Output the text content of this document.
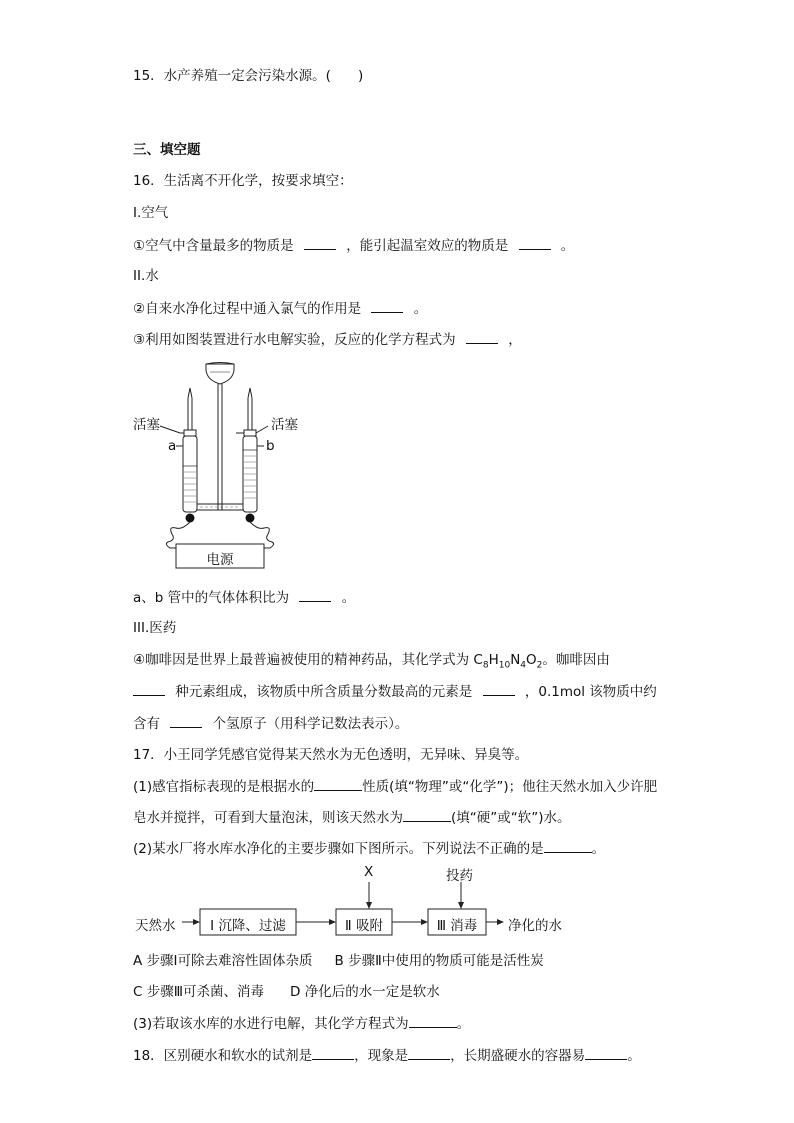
15．水产养殖一定会污染水源。(　　)
三、填空题
16．生活离不开化学，按要求填空：
I.空气
①空气中含量最多的物质是	，能引起温室效应的物质是	。
II.水
②自来水净化过程中通入氯气的作用是	。
③利用如图装置进行水电解实验，反应的化学方程式为	，
活塞	活塞
a	b
电源
a、b 管中的气体体积比为	。
III.医药
④咖啡因是世界上最普遍被使用的精神药品，其化学式为 $C_8H_{10}N_4O_2$。咖啡因由
种元素组成，该物质中所含质量分数最高的元素是	，0.1mol 该物质中约
含有	个氢原子（用科学记数法表示）。
17．小王同学凭感官觉得某天然水为无色透明，无异味、异臭等。
(1)感官指标表现的是根据水的	性质(填“物理”或“化学”)；他往天然水加入少许肥
皂水并搅拌，可看到大量泡沫，则该天然水为	(填“硬”或“软”)水。
(2)某水厂将水库水净化的主要步骤如下图所示。下列说法不正确的是	。
天然水	Ⅰ 沉降、过滤	Ⅱ 吸附	Ⅲ 消毒	净化的水
X	投药
A 步骤Ⅰ可除去难溶性固体杂质 B 步骤Ⅱ中使用的物质可能是活性炭
C 步骤Ⅲ可杀菌、消毒 D 净化后的水一定是软水
(3)若取该水库的水进行电解，其化学方程式为	。
18．区别硬水和软水的试剂是	，现象是	，长期盛硬水的容器易	。
